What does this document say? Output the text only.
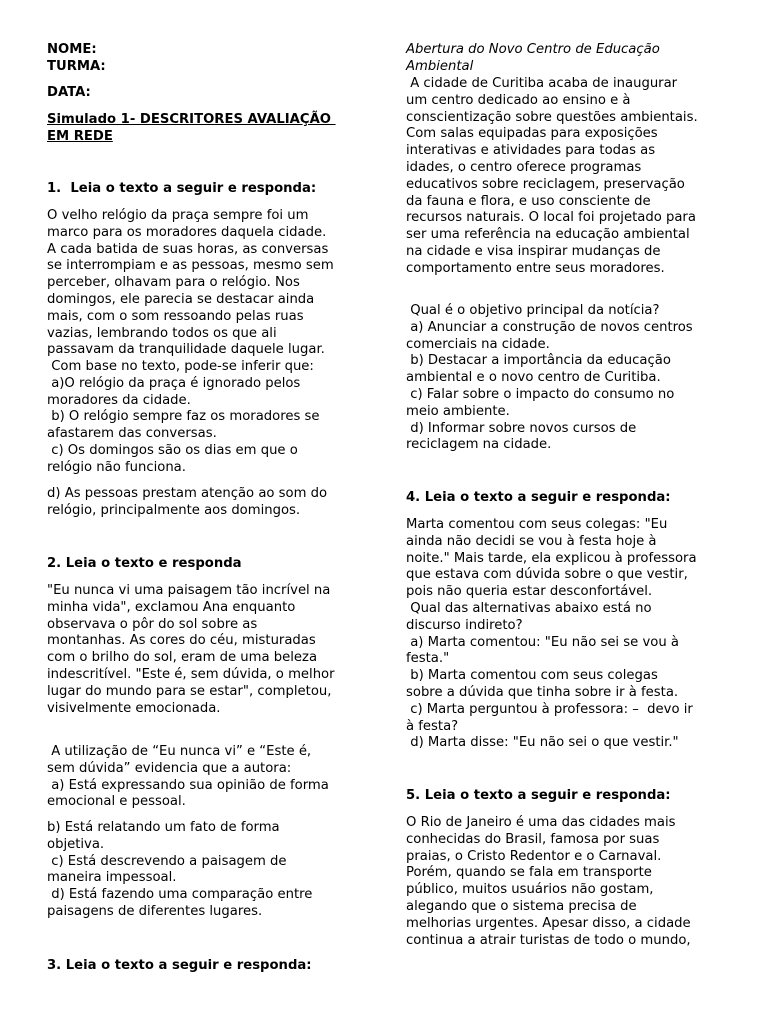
NOME:
TURMA:
DATA:
Simulado 1- DESCRITORES AVALIAÇÃO
EM REDE
1.  Leia o texto a seguir e responda:
O velho relógio da praça sempre foi um
marco para os moradores daquela cidade.
A cada batida de suas horas, as conversas
se interrompiam e as pessoas, mesmo sem
perceber, olhavam para o relógio. Nos
domingos, ele parecia se destacar ainda
mais, com o som ressoando pelas ruas
vazias, lembrando todos os que ali
passavam da tranquilidade daquele lugar.
Com base no texto, pode-se inferir que:
a)O relógio da praça é ignorado pelos
moradores da cidade.
b) O relógio sempre faz os moradores se
afastarem das conversas.
c) Os domingos são os dias em que o
relógio não funciona.
d) As pessoas prestam atenção ao som do
relógio, principalmente aos domingos.
2. Leia o texto e responda
"Eu nunca vi uma paisagem tão incrível na
minha vida", exclamou Ana enquanto
observava o pôr do sol sobre as
montanhas. As cores do céu, misturadas
com o brilho do sol, eram de uma beleza
indescritível. "Este é, sem dúvida, o melhor
lugar do mundo para se estar", completou,
visivelmente emocionada.
A utilização de “Eu nunca vi” e “Este é,
sem dúvida” evidencia que a autora:
a) Está expressando sua opinião de forma
emocional e pessoal.
b) Está relatando um fato de forma
objetiva.
c) Está descrevendo a paisagem de
maneira impessoal.
d) Está fazendo uma comparação entre
paisagens de diferentes lugares.
3. Leia o texto a seguir e responda:
Abertura do Novo Centro de Educação
Ambiental
A cidade de Curitiba acaba de inaugurar
um centro dedicado ao ensino e à
conscientização sobre questões ambientais.
Com salas equipadas para exposições
interativas e atividades para todas as
idades, o centro oferece programas
educativos sobre reciclagem, preservação
da fauna e flora, e uso consciente de
recursos naturais. O local foi projetado para
ser uma referência na educação ambiental
na cidade e visa inspirar mudanças de
comportamento entre seus moradores.
Qual é o objetivo principal da notícia?
a) Anunciar a construção de novos centros
comerciais na cidade.
b) Destacar a importância da educação
ambiental e o novo centro de Curitiba.
c) Falar sobre o impacto do consumo no
meio ambiente.
d) Informar sobre novos cursos de
reciclagem na cidade.
4. Leia o texto a seguir e responda:
Marta comentou com seus colegas: "Eu
ainda não decidi se vou à festa hoje à
noite." Mais tarde, ela explicou à professora
que estava com dúvida sobre o que vestir,
pois não queria estar desconfortável.
Qual das alternativas abaixo está no
discurso indireto?
a) Marta comentou: "Eu não sei se vou à
festa."
b) Marta comentou com seus colegas
sobre a dúvida que tinha sobre ir à festa.
c) Marta perguntou à professora: –  devo ir
à festa?
d) Marta disse: "Eu não sei o que vestir."
5. Leia o texto a seguir e responda:
O Rio de Janeiro é uma das cidades mais
conhecidas do Brasil, famosa por suas
praias, o Cristo Redentor e o Carnaval.
Porém, quando se fala em transporte
público, muitos usuários não gostam,
alegando que o sistema precisa de
melhorias urgentes. Apesar disso, a cidade
continua a atrair turistas de todo o mundo,
